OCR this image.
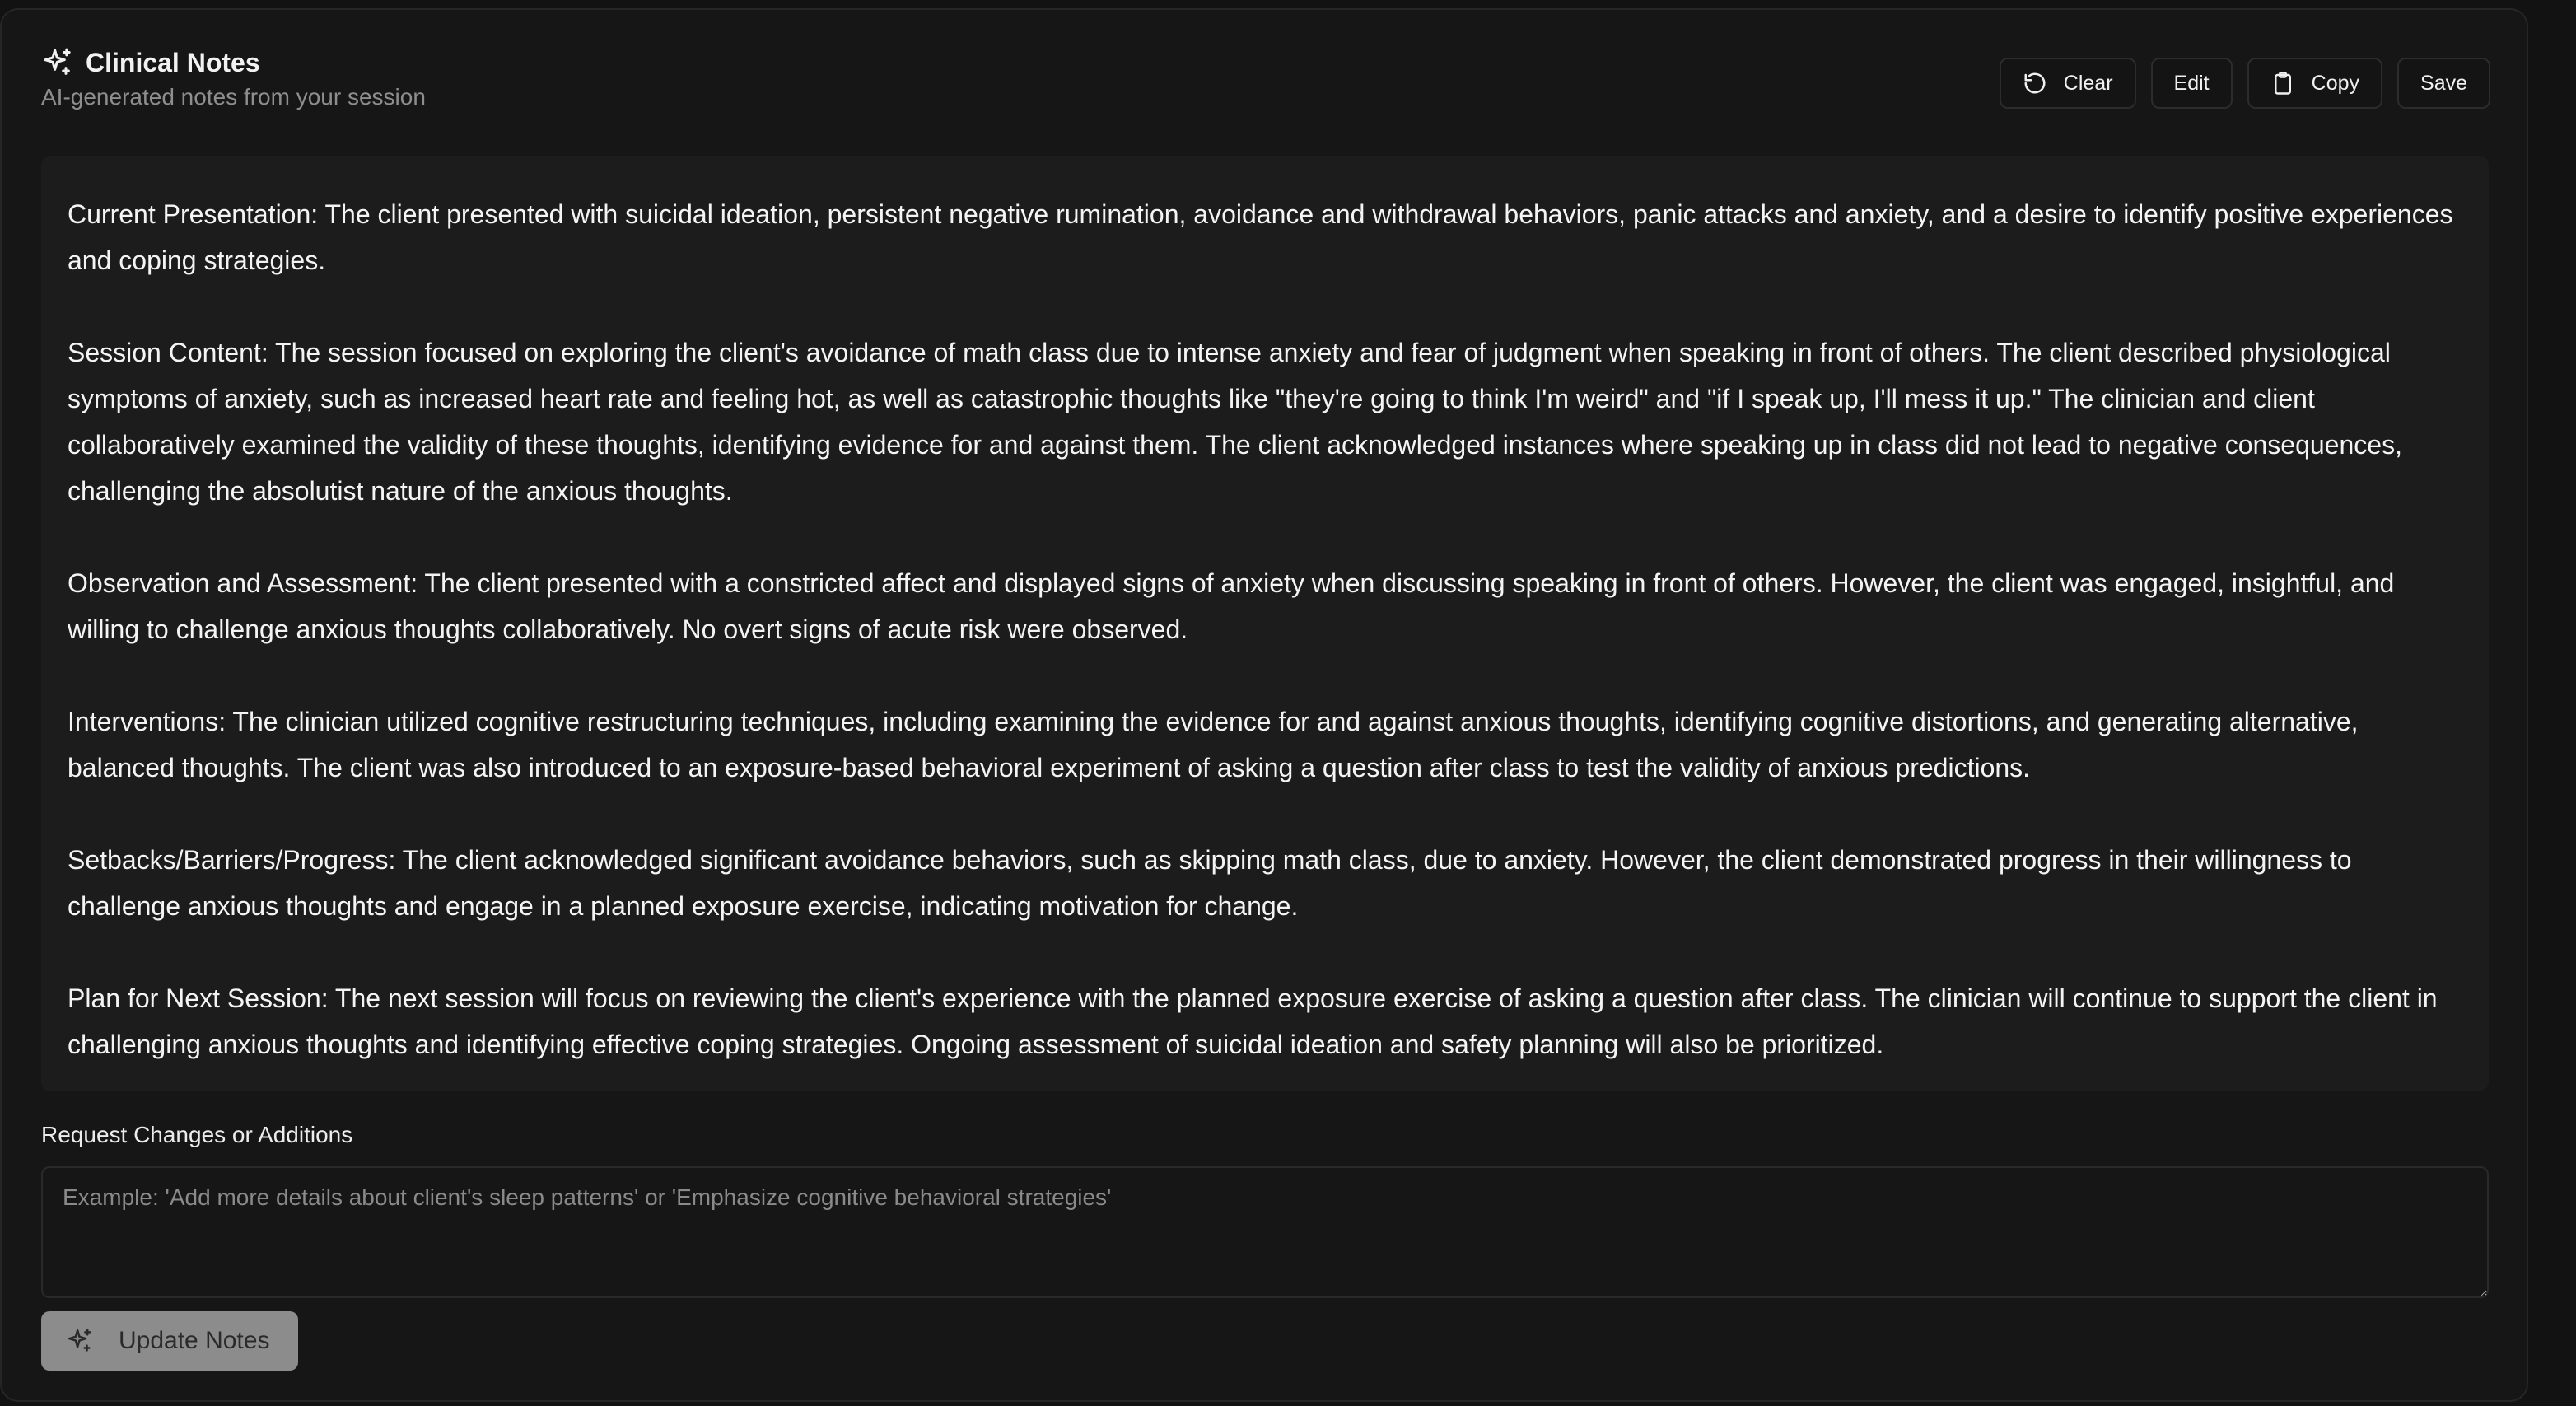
Clinical Notes
AI-generated notes from your session
Clear	Edit	Copy	Save

Current Presentation: The client presented with suicidal ideation, persistent negative rumination, avoidance and withdrawal behaviors, panic attacks and anxiety, and a desire to identify positive experiences and coping strategies.

Session Content: The session focused on exploring the client's avoidance of math class due to intense anxiety and fear of judgment when speaking in front of others. The client described physiological symptoms of anxiety, such as increased heart rate and feeling hot, as well as catastrophic thoughts like "they're going to think I'm weird" and "if I speak up, I'll mess it up." The clinician and client collaboratively examined the validity of these thoughts, identifying evidence for and against them. The client acknowledged instances where speaking up in class did not lead to negative consequences, challenging the absolutist nature of the anxious thoughts.

Observation and Assessment: The client presented with a constricted affect and displayed signs of anxiety when discussing speaking in front of others. However, the client was engaged, insightful, and willing to challenge anxious thoughts collaboratively. No overt signs of acute risk were observed.

Interventions: The clinician utilized cognitive restructuring techniques, including examining the evidence for and against anxious thoughts, identifying cognitive distortions, and generating alternative, balanced thoughts. The client was also introduced to an exposure-based behavioral experiment of asking a question after class to test the validity of anxious predictions.

Setbacks/Barriers/Progress: The client acknowledged significant avoidance behaviors, such as skipping math class, due to anxiety. However, the client demonstrated progress in their willingness to challenge anxious thoughts and engage in a planned exposure exercise, indicating motivation for change.

Plan for Next Session: The next session will focus on reviewing the client's experience with the planned exposure exercise of asking a question after class. The clinician will continue to support the client in challenging anxious thoughts and identifying effective coping strategies. Ongoing assessment of suicidal ideation and safety planning will also be prioritized.

Request Changes or Additions
Example: 'Add more details about client's sleep patterns' or 'Emphasize cognitive behavioral strategies'
Update Notes
